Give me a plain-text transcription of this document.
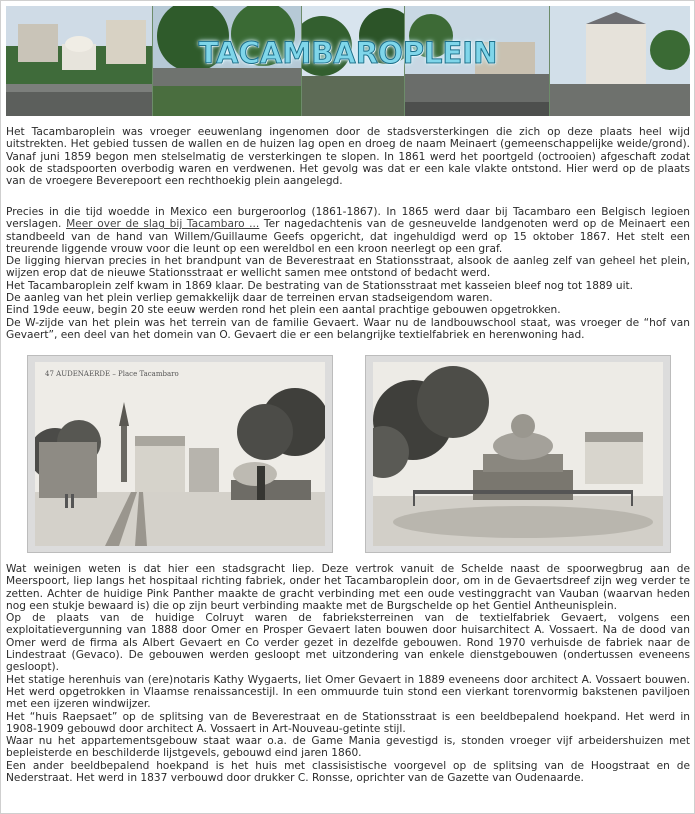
TACAMBAROPLEIN

Het Tacambaroplein was vroeger eeuwenlang ingenomen door de stadsversterkingen die zich op deze plaats heel wijd uitstrekten. Het gebied tussen de wallen en de huizen lag open en droeg de naam Meinaert (gemeenschappelijke weide/grond). Vanaf juni 1859 begon men stelselmatig de versterkingen te slopen. In 1861 werd het poortgeld (octrooien) afgeschaft zodat ook de stadspoorten overbodig waren en verdwenen. Het gevolg was dat er een kale vlakte ontstond. Hier werd op de plaats van de vroegere Beverepoort een rechthoekig plein aangelegd.

Precies in die tijd woedde in Mexico een burgeroorlog (1861-1867). In 1865 werd daar bij Tacambaro een Belgisch legioen verslagen. Meer over de slag bij Tacambaro ... Ter nagedachtenis van de gesneuvelde landgenoten werd op de Meinaert een standbeeld van de hand van Willem/Guillaume Geefs opgericht, dat ingehuldigd werd op 15 oktober 1867. Het stelt een treurende liggende vrouw voor die leunt op een wereldbol en een kroon neerlegt op een graf.
De ligging hiervan precies in het brandpunt van de Beverestraat en Stationsstraat, alsook de aanleg zelf van geheel het plein, wijzen erop dat de nieuwe Stationsstraat er wellicht samen mee ontstond of bedacht werd.
Het Tacambaroplein zelf kwam in 1869 klaar. De bestrating van de Stationsstraat met kasseien bleef nog tot 1889 uit.
De aanleg van het plein verliep gemakkelijk daar de terreinen ervan stadseigendom waren.
Eind 19de eeuw, begin 20 ste eeuw werden rond het plein een aantal prachtige gebouwen opgetrokken.
De W-zijde van het plein was het terrein van de familie Gevaert. Waar nu de landbouwschool staat, was vroeger de “hof van Gevaert”, een deel van het domein van O. Gevaert die er een belangrijke textielfabriek en herenwoning had.

47 AUDENAERDE – Place Tacambaro

Wat weinigen weten is dat hier een stadsgracht liep. Deze vertrok vanuit de Schelde naast de spoorwegbrug aan de Meerspoort, liep langs het hospitaal richting fabriek, onder het Tacambaroplein door, om in de Gevaertsdreef zijn weg verder te zetten. Achter de huidige Pink Panther maakte de gracht verbinding met een oude vestinggracht van Vauban (waarvan heden nog een stukje bewaard is) die op zijn beurt verbinding maakte met de Burgschelde op het Gentiel Antheunisplein.
Op de plaats van de huidige Colruyt waren de fabrieksterreinen van de textielfabriek Gevaert, volgens een exploitatievergunning van 1888 door Omer en Prosper Gevaert laten bouwen door huisarchitect A. Vossaert. Na de dood van Omer werd de firma als Albert Gevaert en Co verder gezet in dezelfde gebouwen. Rond 1970 verhuisde de fabriek naar de Lindestraat (Gevaco). De gebouwen werden gesloopt met uitzondering van enkele dienstgebouwen (ondertussen eveneens gesloopt).
Het statige herenhuis van (ere)notaris Kathy Wygaerts, liet Omer Gevaert in 1889 eveneens door architect A. Vossaert bouwen. Het werd opgetrokken in Vlaamse renaissancestijl. In een ommuurde tuin stond een vierkant torenvormig bakstenen paviljoen met een ijzeren windwijzer.
Het “huis Raepsaet” op de splitsing van de Beverestraat en de Stationsstraat is een beeldbepalend hoekpand. Het werd in 1908-1909 gebouwd door architect A. Vossaert in Art-Nouveau-getinte stijl.
Waar nu het appartementsgebouw staat waar o.a. de Game Mania gevestigd is, stonden vroeger vijf arbeidershuizen met bepleisterde en beschilderde lijstgevels, gebouwd eind jaren 1860.
Een ander beeldbepalend hoekpand is het huis met classisistische voorgevel op de splitsing van de Hoogstraat en de Nederstraat. Het werd in 1837 verbouwd door drukker C. Ronsse, oprichter van de Gazette van Oudenaarde.
